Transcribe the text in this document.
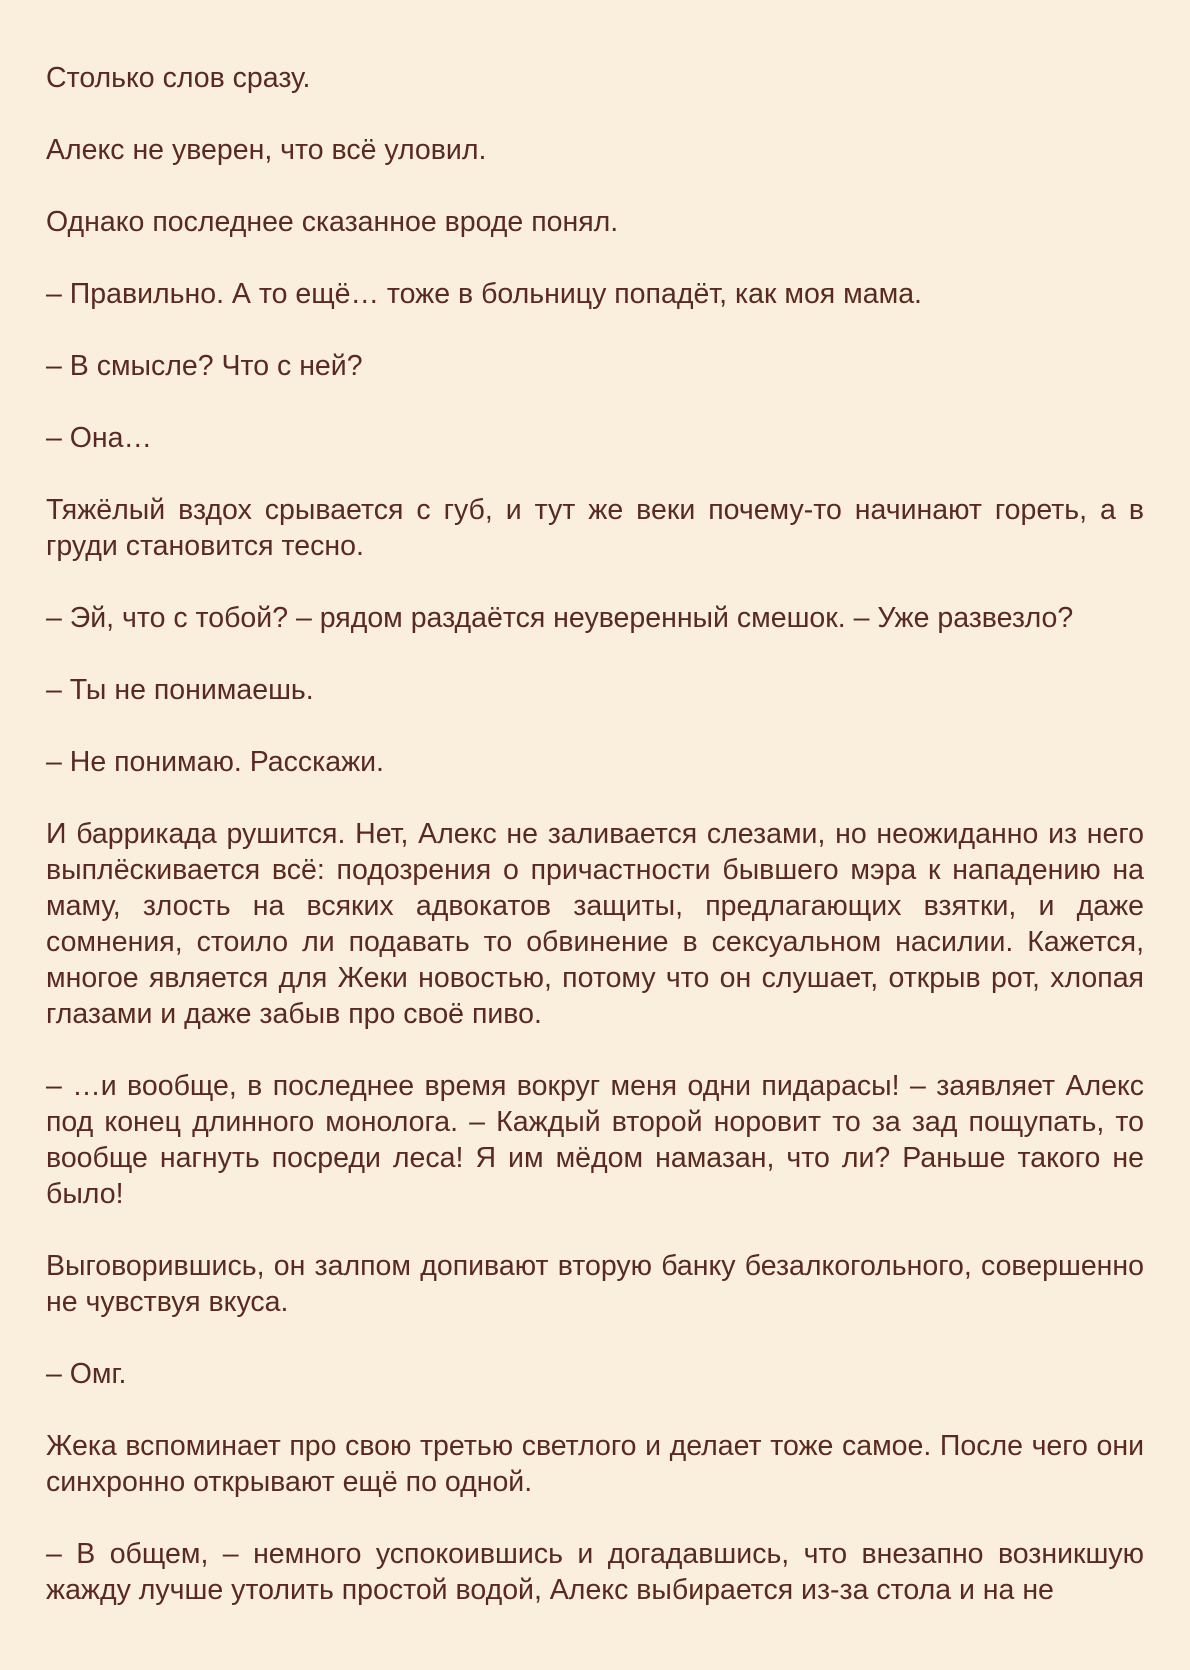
Столько слов сразу.

Алекс не уверен, что всё уловил.

Однако последнее сказанное вроде понял.

– Правильно. А то ещё… тоже в больницу попадёт, как моя мама.

– В смысле? Что с ней?

– Она…

Тяжёлый вздох срывается с губ, и тут же веки почему-то начинают гореть, а в груди становится тесно.

– Эй, что с тобой? – рядом раздаётся неуверенный смешок. – Уже развезло?

– Ты не понимаешь.

– Не понимаю. Расскажи.

И баррикада рушится. Нет, Алекс не заливается слезами, но неожиданно из него выплёскивается всё: подозрения о причастности бывшего мэра к нападению на маму, злость на всяких адвокатов защиты, предлагающих взятки, и даже сомнения, стоило ли подавать то обвинение в сексуальном насилии. Кажется, многое является для Жеки новостью, потому что он слушает, открыв рот, хлопая глазами и даже забыв про своё пиво.

– …и вообще, в последнее время вокруг меня одни пидарасы! – заявляет Алекс под конец длинного монолога. – Каждый второй норовит то за зад пощупать, то вообще нагнуть посреди леса! Я им мёдом намазан, что ли? Раньше такого не было!

Выговорившись, он залпом допивают вторую банку безалкогольного, совершенно не чувствуя вкуса.

– Омг.

Жека вспоминает про свою третью светлого и делает тоже самое. После чего они синхронно открывают ещё по одной.

– В общем, – немного успокоившись и догадавшись, что внезапно возникшую жажду лучше утолить простой водой, Алекс выбирается из-за стола и на не
